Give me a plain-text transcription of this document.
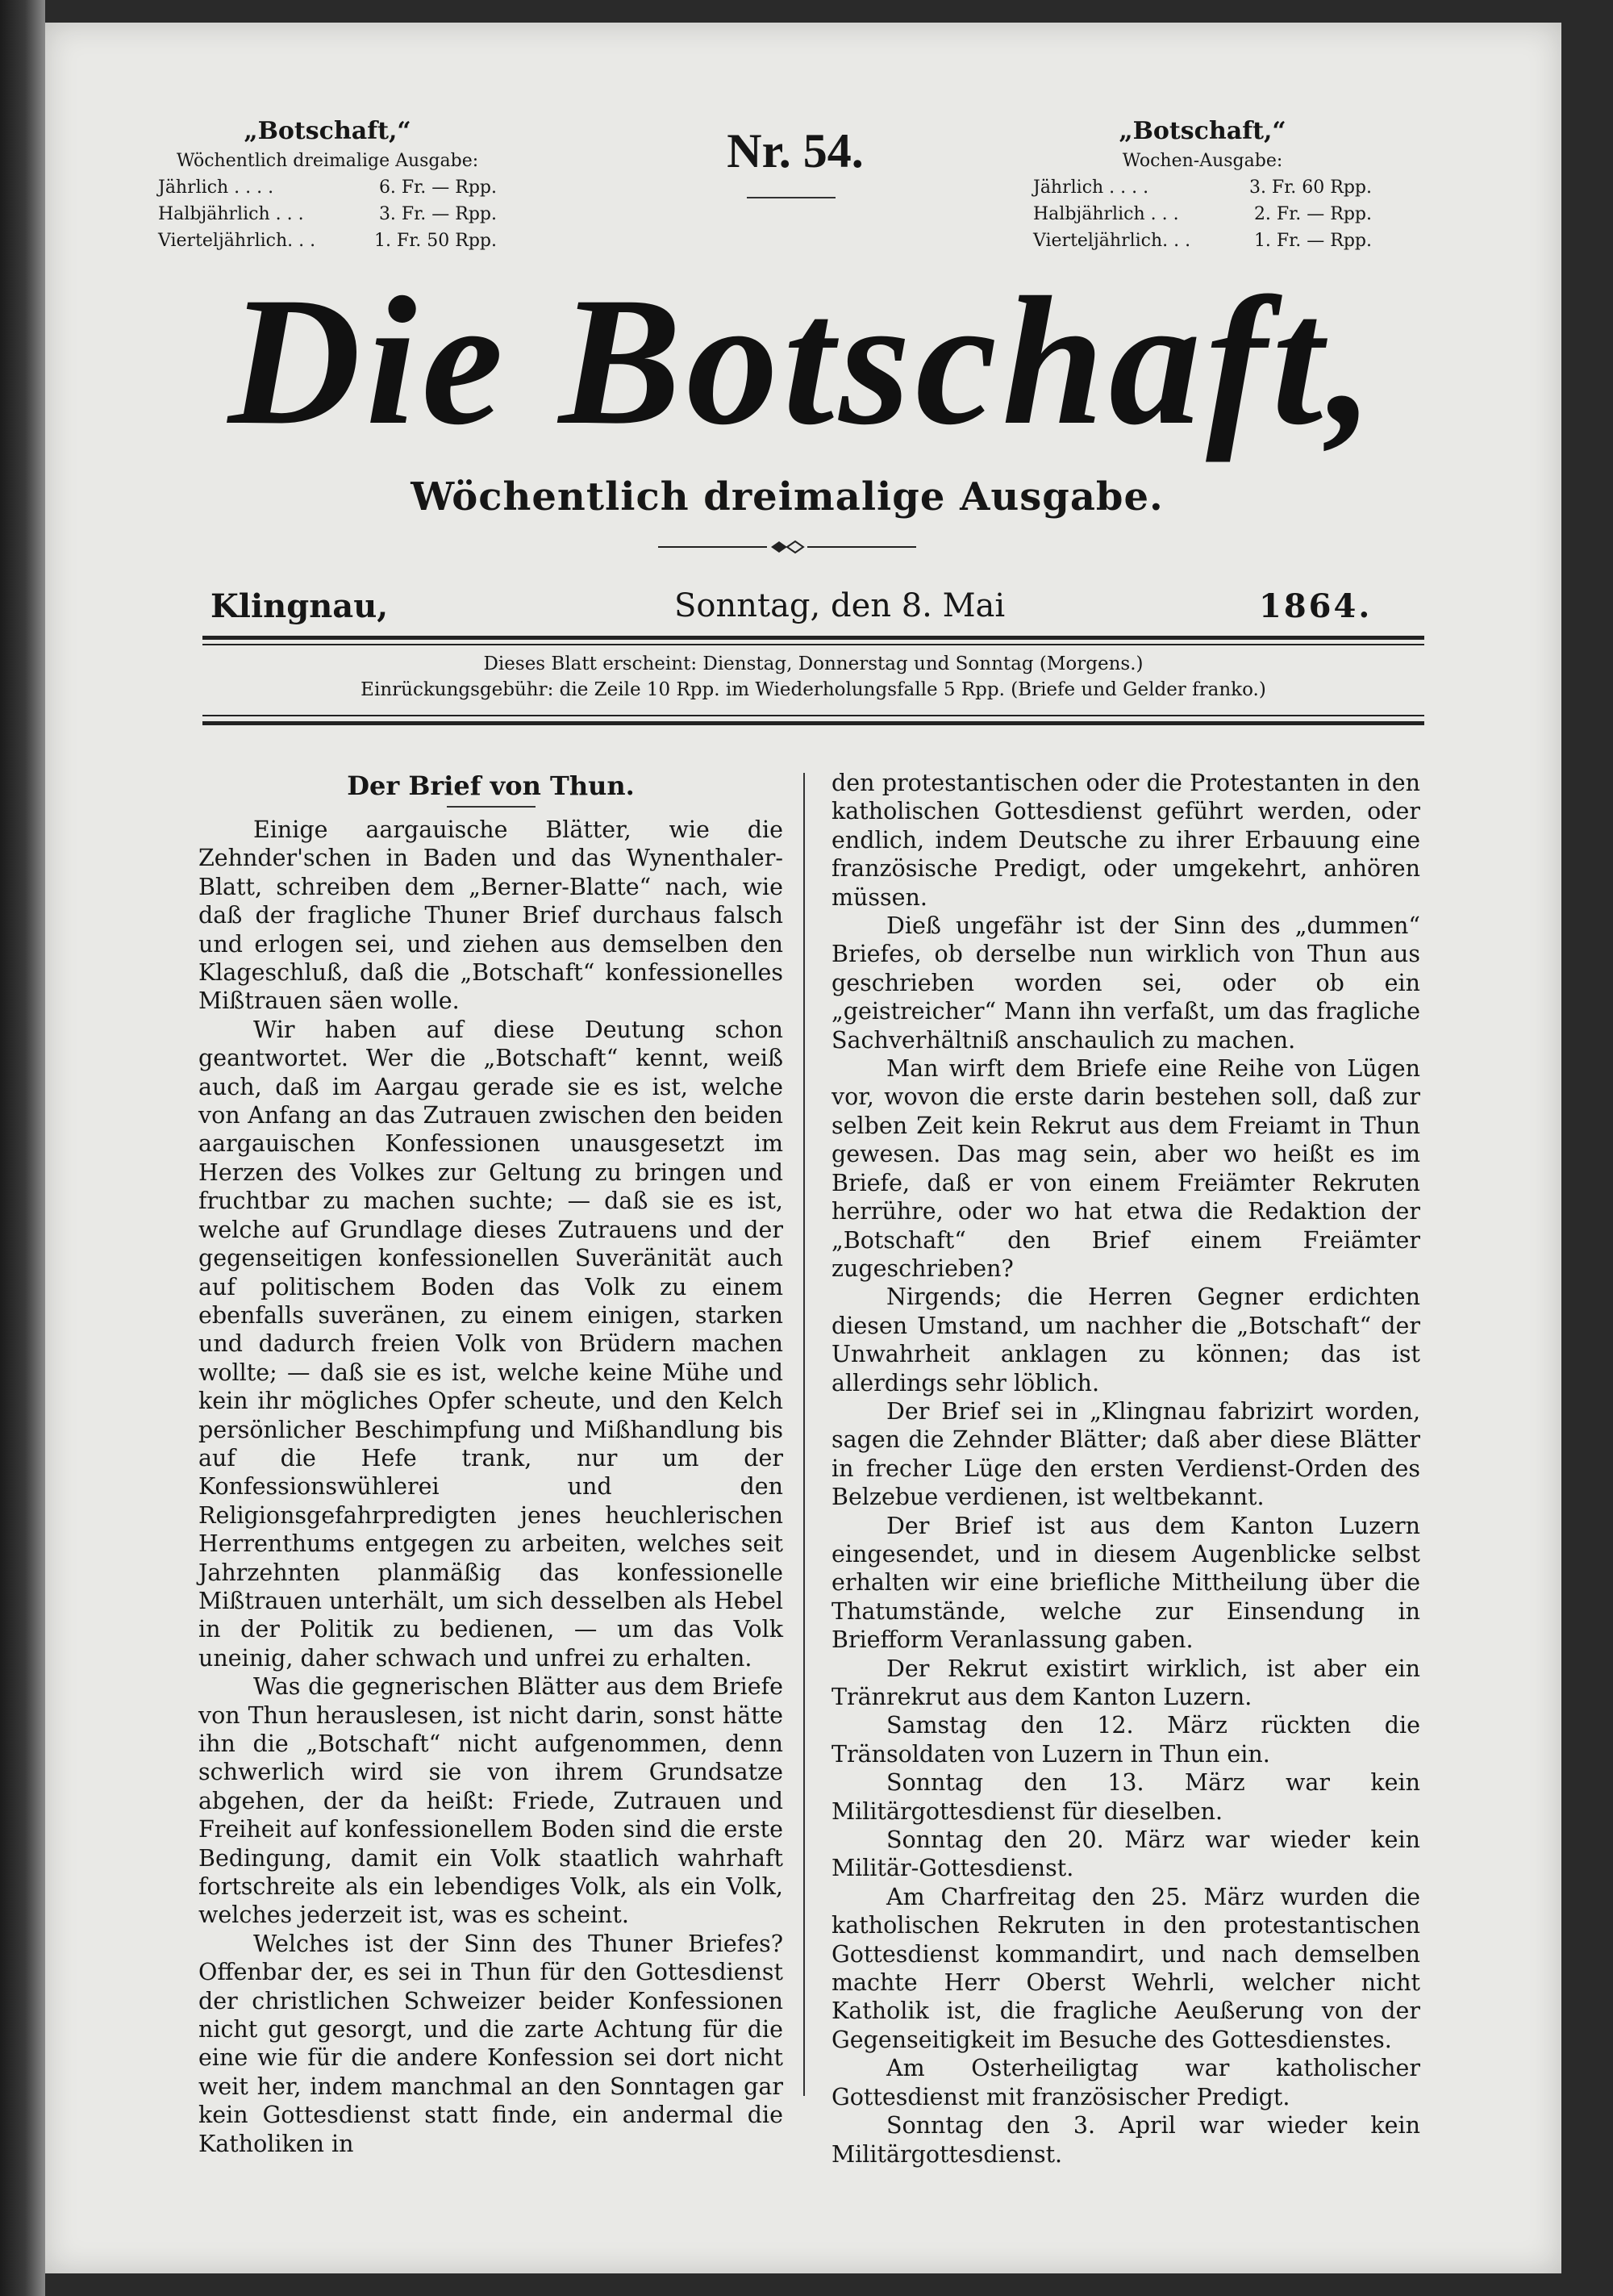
„Botschaft,“
Wöchentlich dreimalige Ausgabe:
Jährlich . . . .	6. Fr. — Rpp.
Halbjährlich . . .	3. Fr. — Rpp.
Vierteljährlich. . .	1. Fr. 50 Rpp.
Nr. 54.	„Botschaft,“
Wochen-Ausgabe:
Jährlich . . . .	3. Fr. 60 Rpp.
Halbjährlich . . .	2. Fr. — Rpp.
Vierteljährlich. . .	1. Fr. — Rpp.
Die Botschaft,
Wöchentlich dreimalige Ausgabe.
Klingnau,	Sonntag, den 8. Mai	1864.
Dieses Blatt erscheint: Dienstag, Donnerstag und Sonntag (Morgens.)
Einrückungsgebühr: die Zeile 10 Rpp. im Wiederholungsfalle 5 Rpp. (Briefe und Gelder franko.)

Der Brief von Thun.

Einige aargauische Blätter, wie die Zehnder'schen in Baden und das Wynenthaler-Blatt, schreiben dem „Berner-Blatte“ nach, wie daß der fragliche Thuner Brief durchaus falsch und erlogen sei, und ziehen aus demselben den Klageschluß, daß die „Botschaft“ konfessionelles Mißtrauen säen wolle.

Wir haben auf diese Deutung schon geantwortet. Wer die „Botschaft“ kennt, weiß auch, daß im Aargau gerade sie es ist, welche von Anfang an das Zutrauen zwischen den beiden aargauischen Konfessionen unausgesetzt im Herzen des Volkes zur Geltung zu bringen und fruchtbar zu machen suchte; — daß sie es ist, welche auf Grundlage dieses Zutrauens und der gegenseitigen konfessionellen Suveränität auch auf politischem Boden das Volk zu einem ebenfalls suveränen, zu einem einigen, starken und dadurch freien Volk von Brüdern machen wollte; — daß sie es ist, welche keine Mühe und kein ihr mögliches Opfer scheute, und den Kelch persönlicher Beschimpfung und Mißhandlung bis auf die Hefe trank, nur um der Konfessionswühlerei und den Religionsgefahrpredigten jenes heuchlerischen Herrenthums entgegen zu arbeiten, welches seit Jahrzehnten planmäßig das konfessionelle Mißtrauen unterhält, um sich desselben als Hebel in der Politik zu bedienen, — um das Volk uneinig, daher schwach und unfrei zu erhalten.

Was die gegnerischen Blätter aus dem Briefe von Thun herauslesen, ist nicht darin, sonst hätte ihn die „Botschaft“ nicht aufgenommen, denn schwerlich wird sie von ihrem Grundsatze abgehen, der da heißt: Friede, Zutrauen und Freiheit auf konfessionellem Boden sind die erste Bedingung, damit ein Volk staatlich wahrhaft fortschreite als ein lebendiges Volk, als ein Volk, welches jederzeit ist, was es scheint.

Welches ist der Sinn des Thuner Briefes? Offenbar der, es sei in Thun für den Gottesdienst der christlichen Schweizer beider Konfessionen nicht gut gesorgt, und die zarte Achtung für die eine wie für die andere Konfession sei dort nicht weit her, indem manchmal an den Sonntagen gar kein Gottesdienst statt finde, ein andermal die Katholiken in

den protestantischen oder die Protestanten in den katholischen Gottesdienst geführt werden, oder endlich, indem Deutsche zu ihrer Erbauung eine französische Predigt, oder umgekehrt, anhören müssen.

Dieß ungefähr ist der Sinn des „dummen“ Briefes, ob derselbe nun wirklich von Thun aus geschrieben worden sei, oder ob ein „geistreicher“ Mann ihn verfaßt, um das fragliche Sachverhältniß anschaulich zu machen.

Man wirft dem Briefe eine Reihe von Lügen vor, wovon die erste darin bestehen soll, daß zur selben Zeit kein Rekrut aus dem Freiamt in Thun gewesen. Das mag sein, aber wo heißt es im Briefe, daß er von einem Freiämter Rekruten herrühre, oder wo hat etwa die Redaktion der „Botschaft“ den Brief einem Freiämter zugeschrieben?

Nirgends; die Herren Gegner erdichten diesen Umstand, um nachher die „Botschaft“ der Unwahrheit anklagen zu können; das ist allerdings sehr löblich.

Der Brief sei in „Klingnau fabrizirt worden, sagen die Zehnder Blätter; daß aber diese Blätter in frecher Lüge den ersten Verdienst-Orden des Belzebue verdienen, ist weltbekannt.

Der Brief ist aus dem Kanton Luzern eingesendet, und in diesem Augenblicke selbst erhalten wir eine briefliche Mittheilung über die Thatumstände, welche zur Einsendung in Briefform Veranlassung gaben.

Der Rekrut existirt wirklich, ist aber ein Tränrekrut aus dem Kanton Luzern.

Samstag den 12. März rückten die Tränsoldaten von Luzern in Thun ein.

Sonntag den 13. März war kein Militärgottesdienst für dieselben.

Sonntag den 20. März war wieder kein Militär-Gottesdienst.

Am Charfreitag den 25. März wurden die katholischen Rekruten in den protestantischen Gottesdienst kommandirt, und nach demselben machte Herr Oberst Wehrli, welcher nicht Katholik ist, die fragliche Aeußerung von der Gegenseitigkeit im Besuche des Gottesdienstes.

Am Osterheiligtag war katholischer Gottesdienst mit französischer Predigt.

Sonntag den 3. April war wieder kein Militärgottesdienst.
